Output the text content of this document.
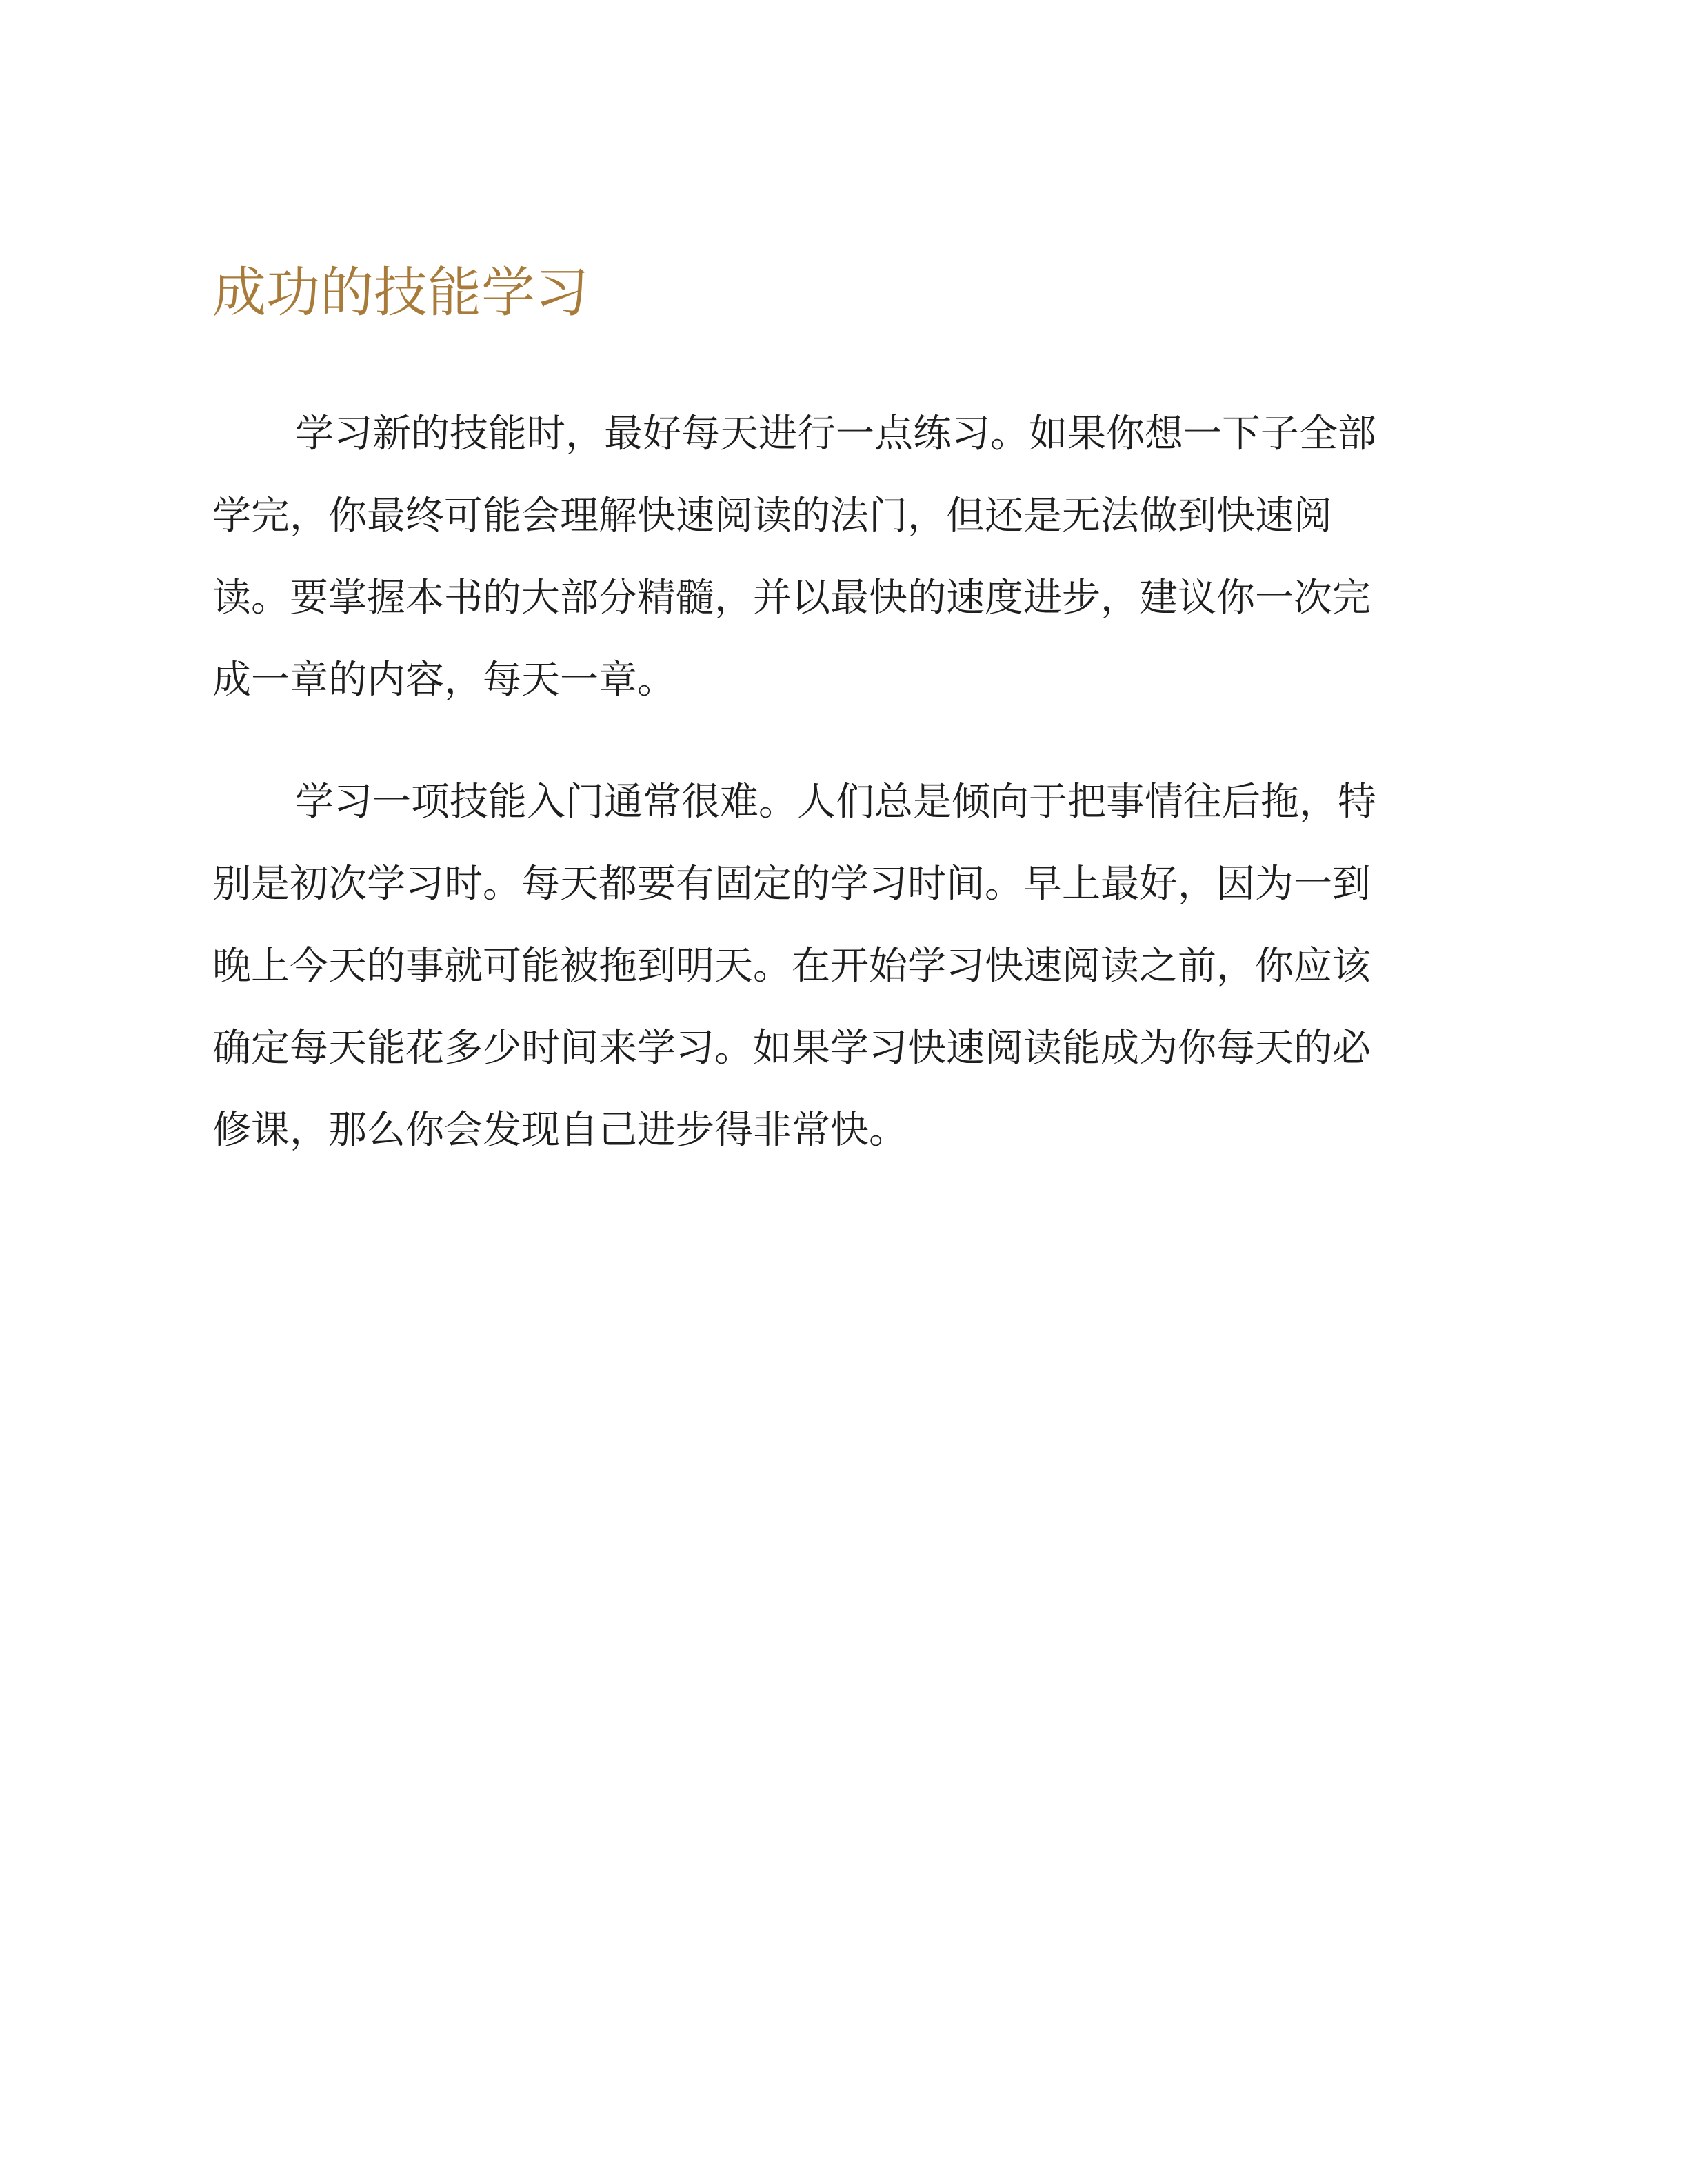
成功的技能学习

学习新的技能时，最好每天进行一点练习。如果你想一下子全部
学完，你最终可能会理解快速阅读的法门，但还是无法做到快速阅
读。要掌握本书的大部分精髓，并以最快的速度进步，建议你一次完
成一章的内容，每天一章。

学习一项技能入门通常很难。人们总是倾向于把事情往后拖，特
别是初次学习时。每天都要有固定的学习时间。早上最好，因为一到
晚上今天的事就可能被拖到明天。在开始学习快速阅读之前，你应该
确定每天能花多少时间来学习。如果学习快速阅读能成为你每天的必
修课，那么你会发现自己进步得非常快。
